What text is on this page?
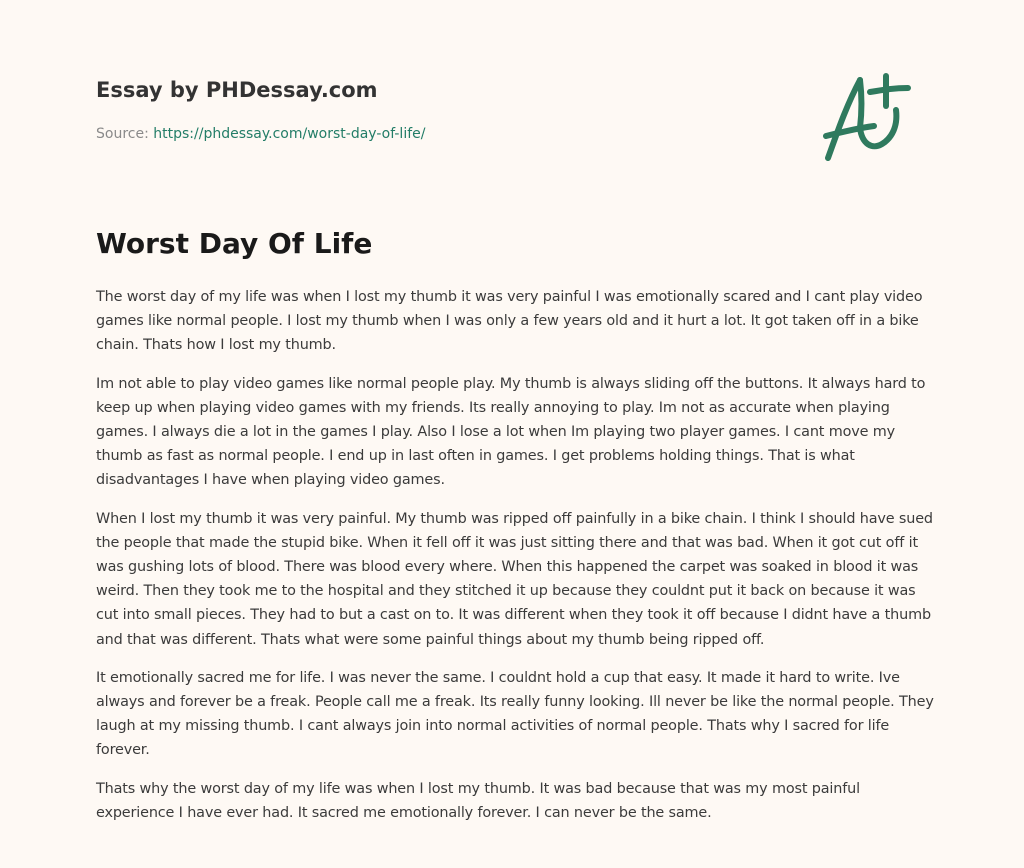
Essay by PHDessay.com
Source: https://phdessay.com/worst-day-of-life/
Worst Day Of Life

The worst day of my life was when I lost my thumb it was very painful I was emotionally scared and I cant play video games like normal people. I lost my thumb when I was only a few years old and it hurt a lot. It got taken off in a bike chain. Thats how I lost my thumb.

Im not able to play video games like normal people play. My thumb is always sliding off the buttons. It always hard to keep up when playing video games with my friends. Its really annoying to play. Im not as accurate when playing games. I always die a lot in the games I play. Also I lose a lot when Im playing two player games. I cant move my thumb as fast as normal people. I end up in last often in games. I get problems holding things. That is what disadvantages I have when playing video games.

When I lost my thumb it was very painful. My thumb was ripped off painfully in a bike chain. I think I should have sued the people that made the stupid bike. When it fell off it was just sitting there and that was bad. When it got cut off it was gushing lots of blood. There was blood every where. When this happened the carpet was soaked in blood it was weird. Then they took me to the hospital and they stitched it up because they couldnt put it back on because it was cut into small pieces. They had to but a cast on to. It was different when they took it off because I didnt have a thumb and that was different. Thats what were some painful things about my thumb being ripped off.

It emotionally sacred me for life. I was never the same. I couldnt hold a cup that easy. It made it hard to write. Ive always and forever be a freak. People call me a freak. Its really funny looking. Ill never be like the normal people. They laugh at my missing thumb. I cant always join into normal activities of normal people. Thats why I sacred for life forever.

Thats why the worst day of my life was when I lost my thumb. It was bad because that was my most painful experience I have ever had. It sacred me emotionally forever. I can never be the same.
